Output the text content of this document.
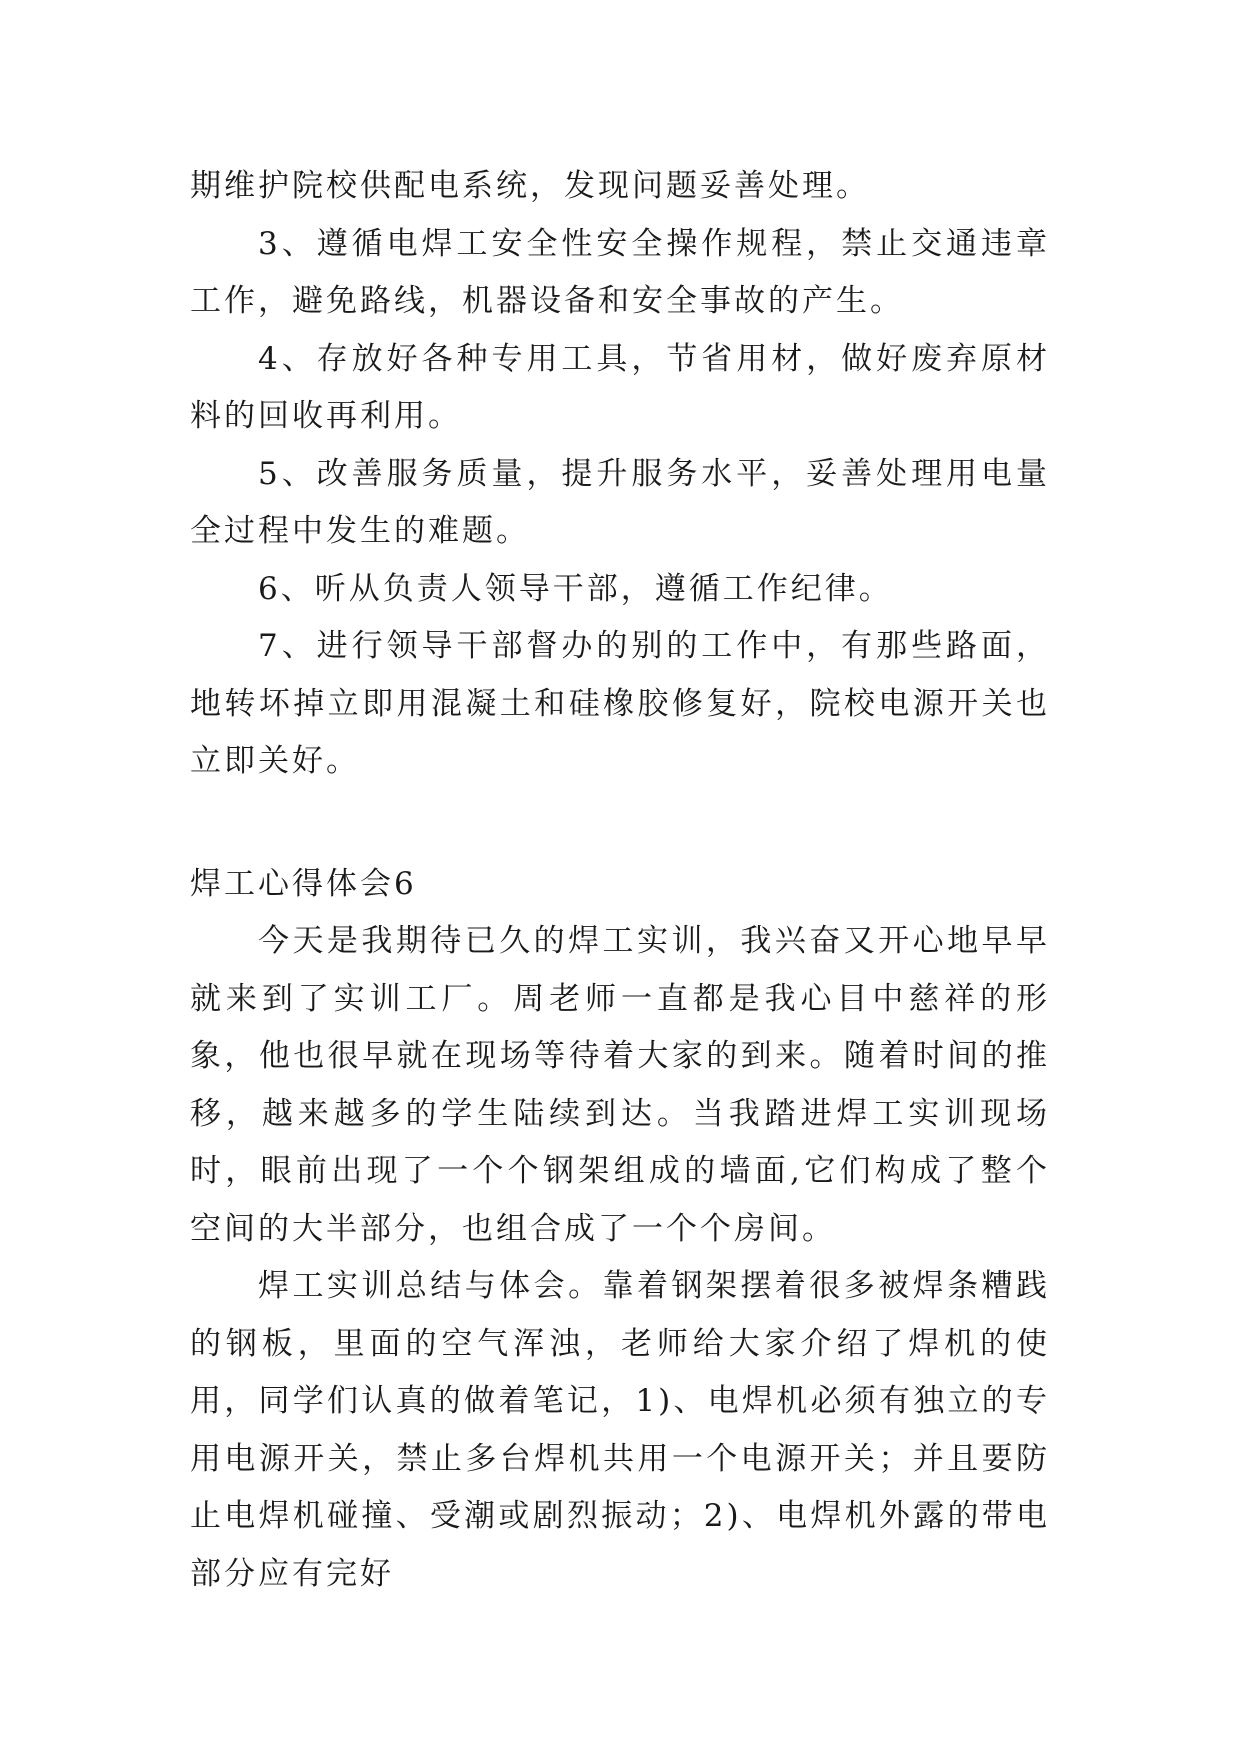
期维护院校供配电系统，发现问题妥善处理。

3、遵循电焊工安全性安全操作规程，禁止交通违章工作，避免路线，机器设备和安全事故的产生。

4、存放好各种专用工具，节省用材，做好废弃原材料的回收再利用。

5、改善服务质量，提升服务水平，妥善处理用电量全过程中发生的难题。

6、听从负责人领导干部，遵循工作纪律。

7、进行领导干部督办的别的工作中，有那些路面，地转坏掉立即用混凝土和硅橡胶修复好，院校电源开关也立即关好。

焊工心得体会6

今天是我期待已久的焊工实训，我兴奋又开心地早早就来到了实训工厂。周老师一直都是我心目中慈祥的形象，他也很早就在现场等待着大家的到来。随着时间的推移，越来越多的学生陆续到达。当我踏进焊工实训现场时，眼前出现了一个个钢架组成的墙面,它们构成了整个空间的大半部分，也组合成了一个个房间。

焊工实训总结与体会。靠着钢架摆着很多被焊条糟践的钢板，里面的空气浑浊，老师给大家介绍了焊机的使用，同学们认真的做着笔记，1)、电焊机必须有独立的专用电源开关，禁止多台焊机共用一个电源开关；并且要防止电焊机碰撞、受潮或剧烈振动；2)、电焊机外露的带电部分应有完好
